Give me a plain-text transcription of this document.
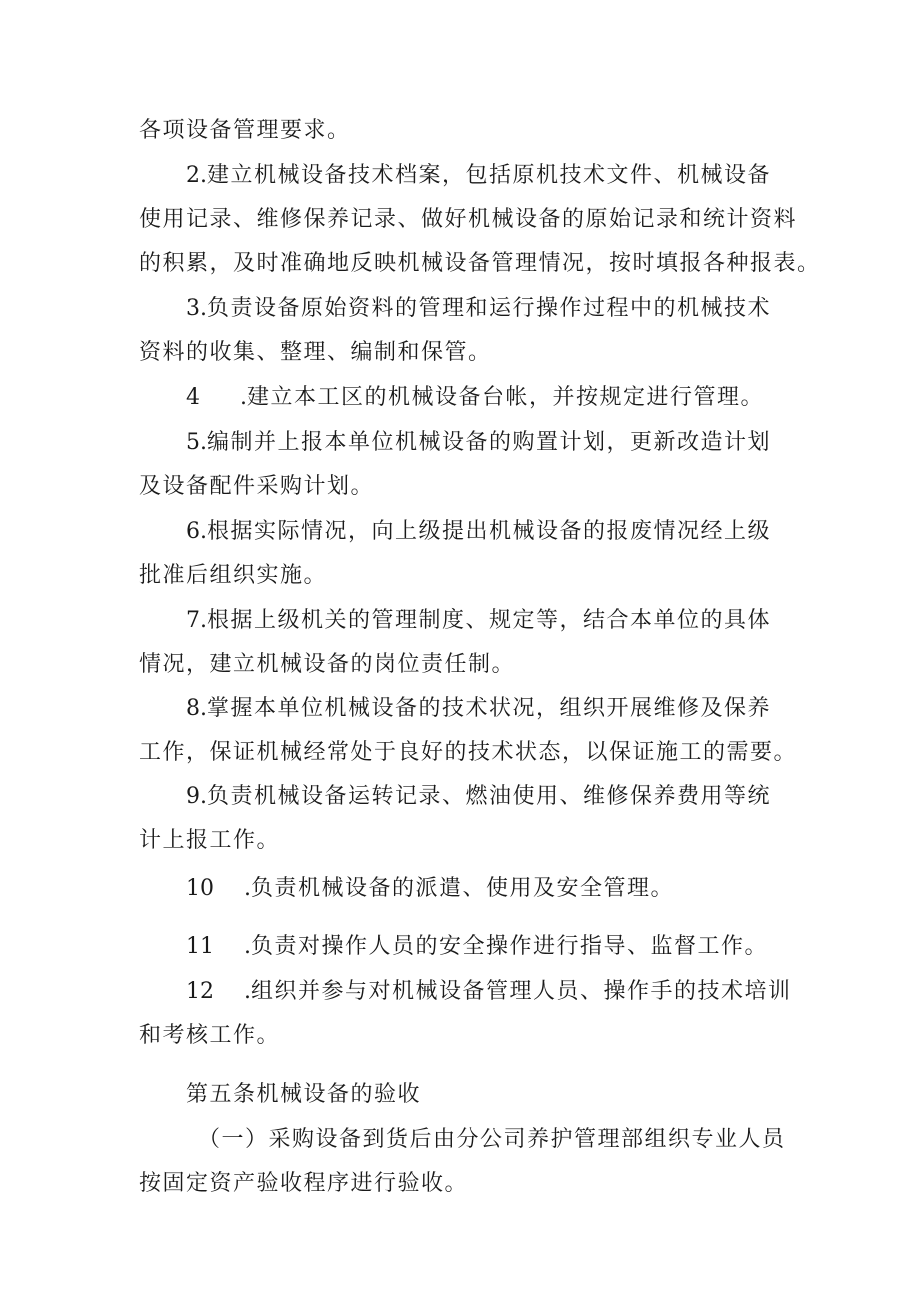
各项设备管理要求。
2.建立机械设备技术档案，包括原机技术文件、机械设备
使用记录、维修保养记录、做好机械设备的原始记录和统计资料
的积累，及时准确地反映机械设备管理情况，按时填报各种报表。
3.负责设备原始资料的管理和运行操作过程中的机械技术
资料的收集、整理、编制和保管。
4.建立本工区的机械设备台帐，并按规定进行管理。
5.编制并上报本单位机械设备的购置计划，更新改造计划
及设备配件采购计划。
6.根据实际情况，向上级提出机械设备的报废情况经上级
批准后组织实施。
7.根据上级机关的管理制度、规定等，结合本单位的具体
情况，建立机械设备的岗位责任制。
8.掌握本单位机械设备的技术状况，组织开展维修及保养
工作，保证机械经常处于良好的技术状态，以保证施工的需要。
9.负责机械设备运转记录、燃油使用、维修保养费用等统
计上报工作。
10.负责机械设备的派遣、使用及安全管理。
11.负责对操作人员的安全操作进行指导、监督工作。
12.组织并参与对机械设备管理人员、操作手的技术培训
和考核工作。
第五条机械设备的验收
（一）采购设备到货后由分公司养护管理部组织专业人员
按固定资产验收程序进行验收。
